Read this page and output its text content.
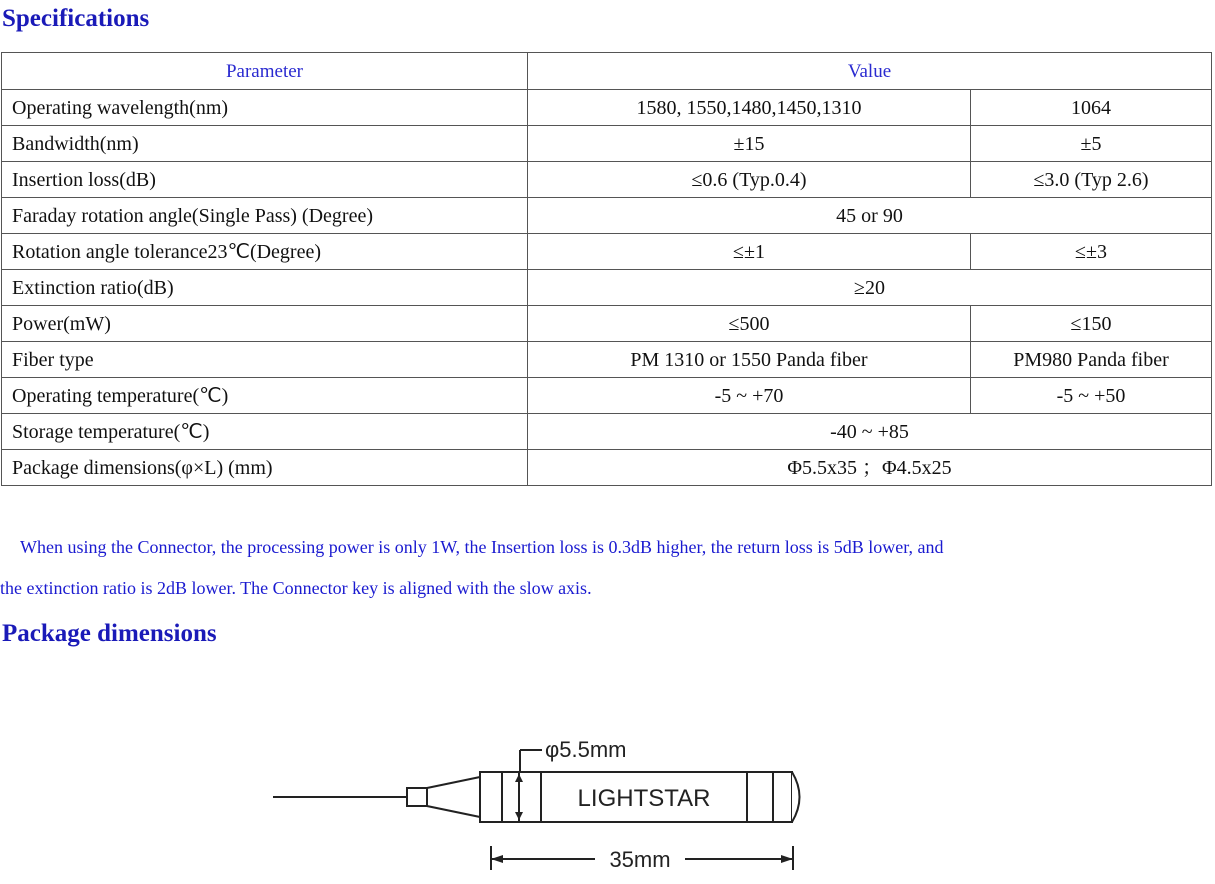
Specifications
Parameter	Value	
Operating wavelength(nm)	1580, 1550,1480,1450,1310	1064
Bandwidth(nm)	±15	±5
Insertion loss(dB)	≤0.6 (Typ.0.4)	≤3.0 (Typ 2.6)
Faraday rotation angle(Single Pass) (Degree)	45 or 90	
Rotation angle tolerance23℃(Degree)	≤±1	≤±3
Extinction ratio(dB)	≥20	
Power(mW)	≤500	≤150
Fiber type	PM 1310 or 1550 Panda fiber	PM980 Panda fiber
Operating temperature(℃)	-5 ~ +70	-5 ~ +50
Storage temperature(℃)	-40 ~ +85	
Package dimensions(φ×L) (mm)	Φ5.5x35 ；Φ4.5x25	

When using the Connector, the processing power is only 1W, the Insertion loss is 0.3dB higher, the return loss is 5dB lower, and

the extinction ratio is 2dB lower. The Connector key is aligned with the slow axis.

Package dimensions
φ5.5mm
LIGHTSTAR
35mm
